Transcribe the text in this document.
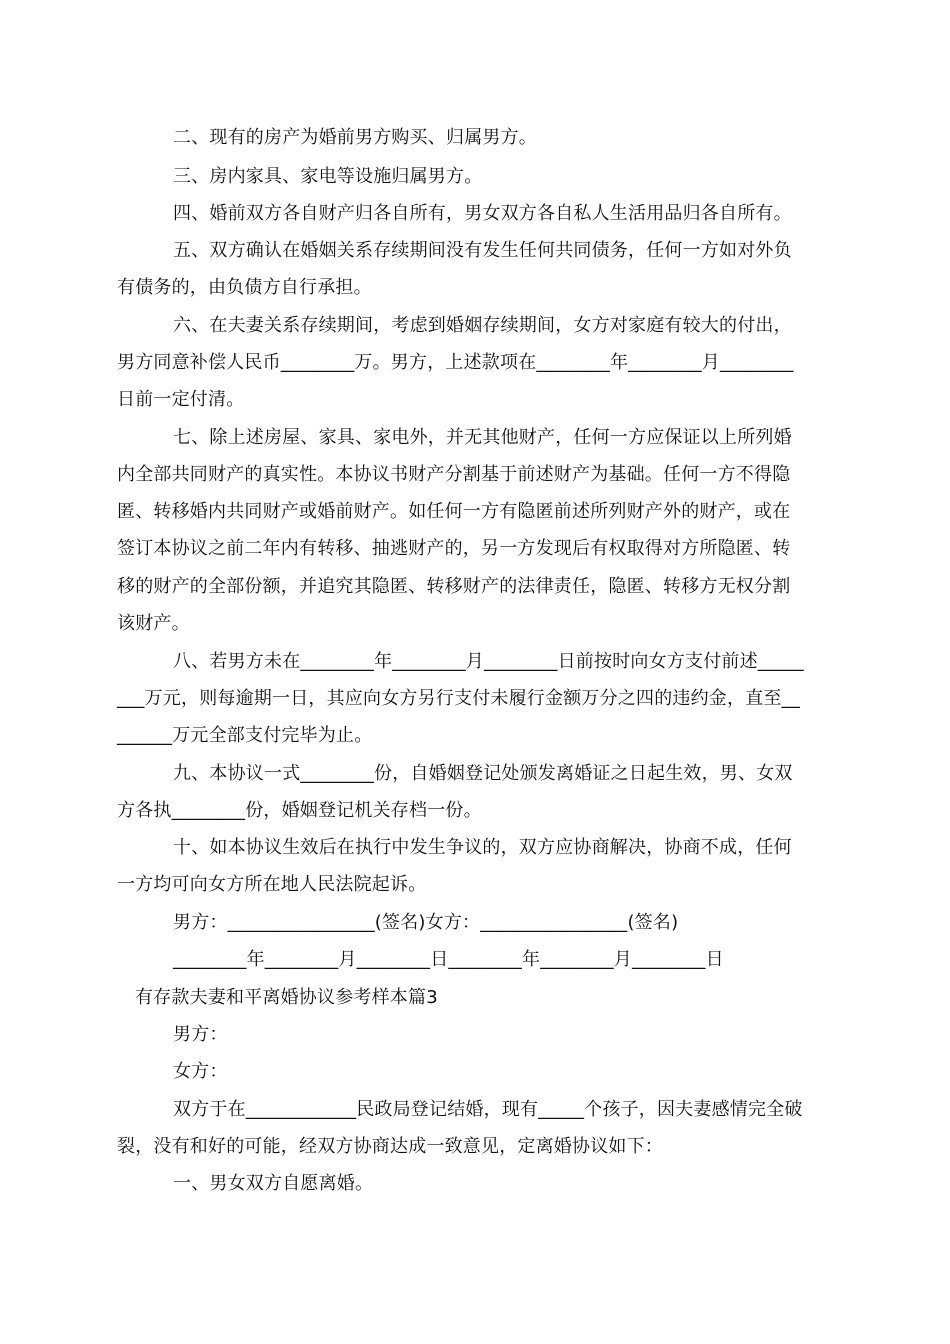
二、现有的房产为婚前男方购买、归属男方。
三、房内家具、家电等设施归属男方。
四、婚前双方各自财产归各自所有，男女双方各自私人生活用品归各自所有。
五、双方确认在婚姻关系存续期间没有发生任何共同债务，任何一方如对外负
有债务的，由负债方自行承担。
六、在夫妻关系存续期间，考虑到婚姻存续期间，女方对家庭有较大的付出，
男方同意补偿人民币________万。男方，上述款项在________年________月________
日前一定付清。
七、除上述房屋、家具、家电外，并无其他财产，任何一方应保证以上所列婚
内全部共同财产的真实性。本协议书财产分割基于前述财产为基础。任何一方不得隐
匿、转移婚内共同财产或婚前财产。如任何一方有隐匿前述所列财产外的财产，或在
签订本协议之前二年内有转移、抽逃财产的，另一方发现后有权取得对方所隐匿、转
移的财产的全部份额，并追究其隐匿、转移财产的法律责任，隐匿、转移方无权分割
该财产。
八、若男方未在________年________月________日前按时向女方支付前述_____
___万元，则每逾期一日，其应向女方另行支付未履行金额万分之四的违约金，直至__
______万元全部支付完毕为止。
九、本协议一式________份，自婚姻登记处颁发离婚证之日起生效，男、女双
方各执________份，婚姻登记机关存档一份。
十、如本协议生效后在执行中发生争议的，双方应协商解决，协商不成，任何
一方均可向女方所在地人民法院起诉。
男方：________________(签名)女方：________________(签名)
________年________月________日________年________月________日
有存款夫妻和平离婚协议参考样本篇3
男方：
女方：
双方于在____________民政局登记结婚，现有_____个孩子，因夫妻感情完全破
裂，没有和好的可能，经双方协商达成一致意见，定离婚协议如下：
一、男女双方自愿离婚。
